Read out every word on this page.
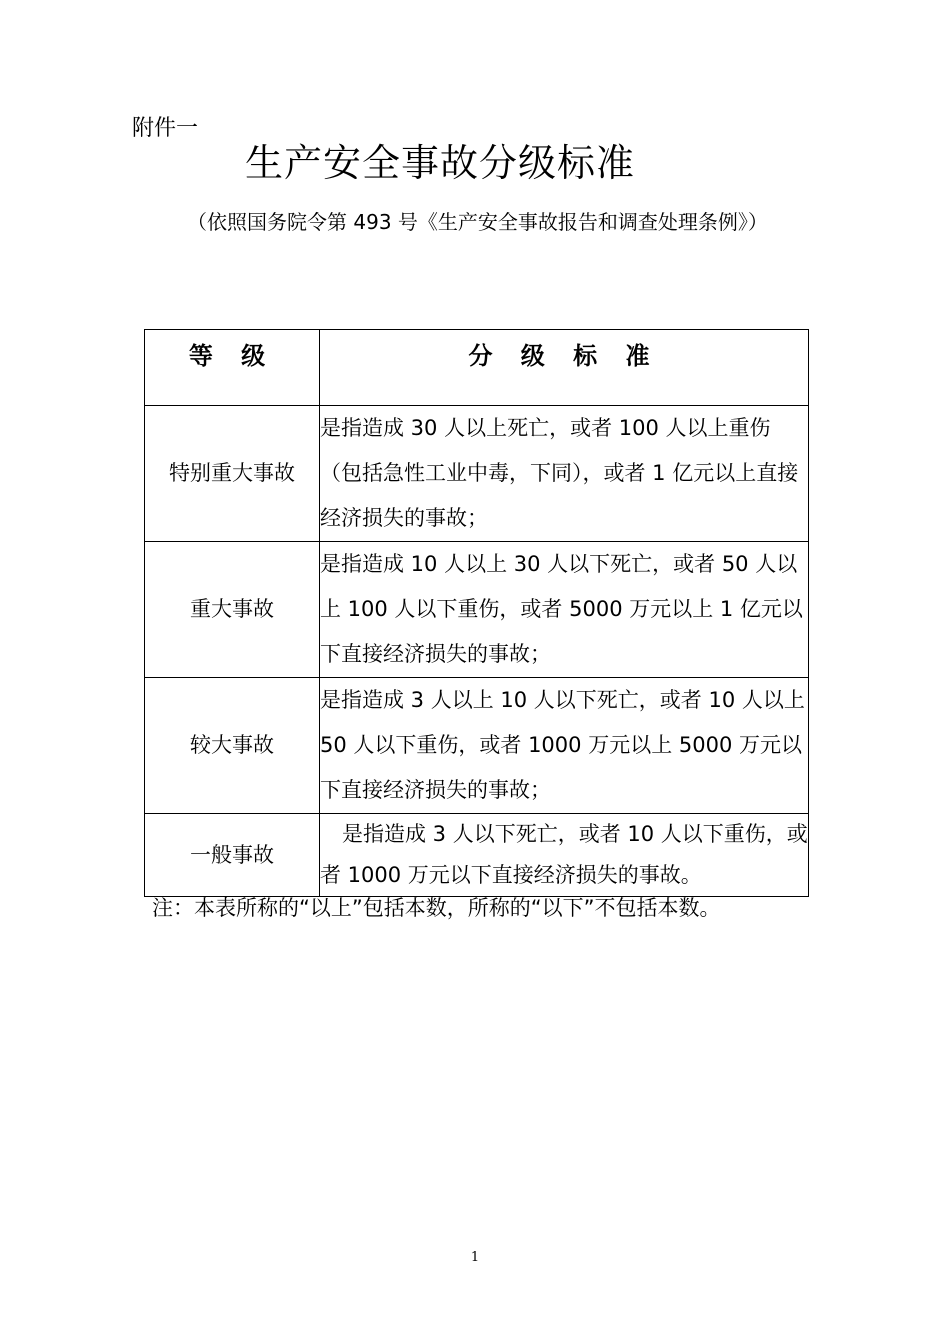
附件一
生产安全事故分级标准
（依照国务院令第 493 号《生产安全事故报告和调查处理条例》）
等 级	分 级 标 准
特别重大事故	是指造成 30 人以上死亡，或者 100 人以上重伤（包括急性工业中毒，下同），或者 1 亿元以上直接经济损失的事故；
重大事故	是指造成 10 人以上 30 人以下死亡，或者 50 人以上 100 人以下重伤，或者 5000 万元以上 1 亿元以下直接经济损失的事故；
较大事故	是指造成 3 人以上 10 人以下死亡，或者 10 人以上 50 人以下重伤，或者 1000 万元以上 5000 万元以下直接经济损失的事故；
一般事故	是指造成 3 人以下死亡，或者 10 人以下重伤，或者 1000 万元以下直接经济损失的事故。
注：本表所称的“以上”包括本数，所称的“以下”不包括本数。
1
